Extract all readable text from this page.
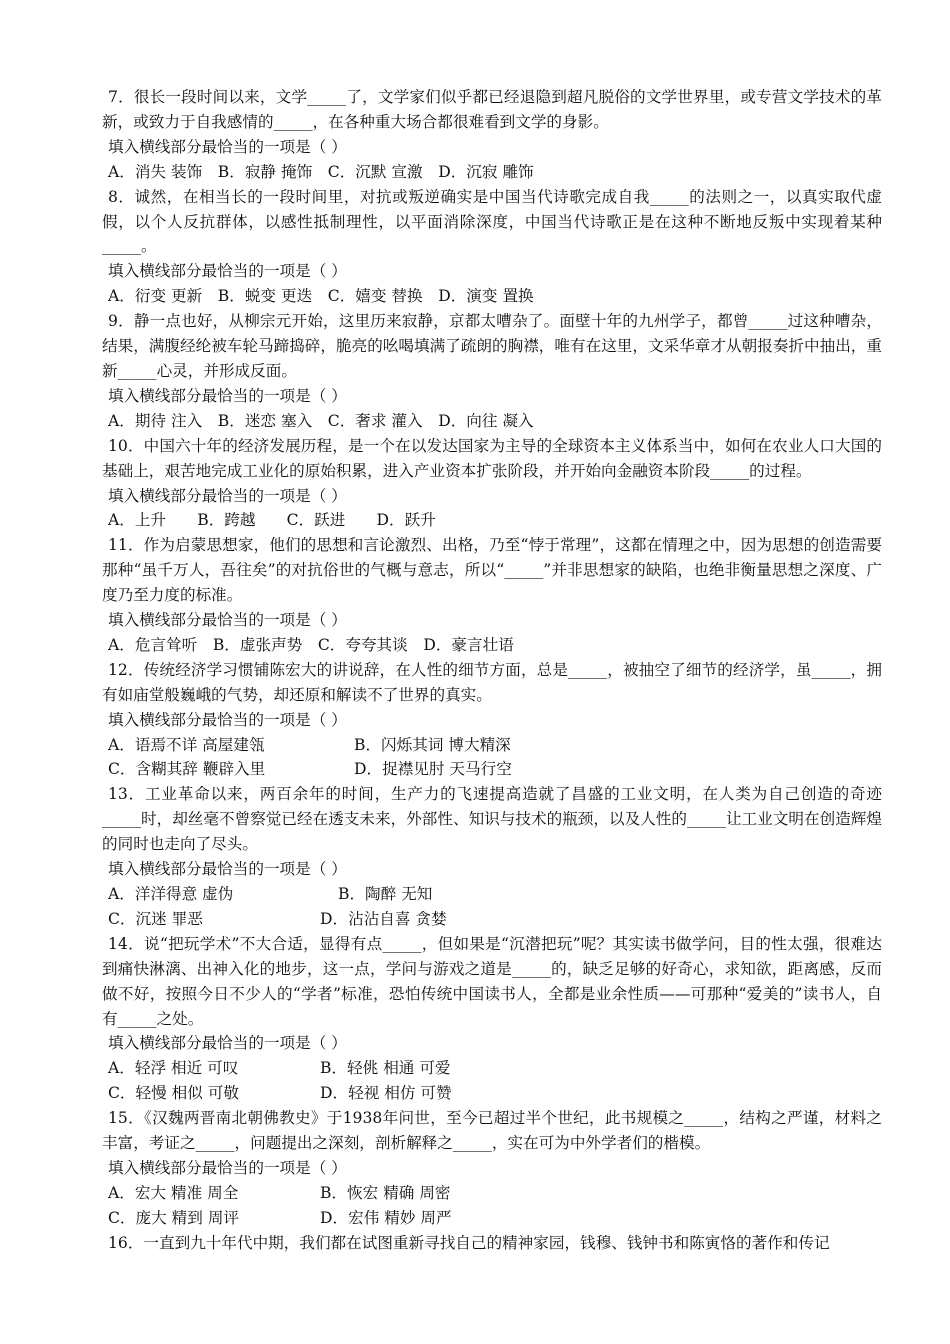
7．很长一段时间以来，文学_____了，文学家们似乎都已经退隐到超凡脱俗的文学世界里，或专营文学技术的革新，或致力于自我感情的_____，在各种重大场合都很难看到文学的身影。

填入横线部分最恰当的一项是（ ）

A．消失 装饰　B．寂静 掩饰　C．沉默 宣激　D．沉寂 雕饰

8．诚然，在相当长的一段时间里，对抗或叛逆确实是中国当代诗歌完成自我_____的法则之一，以真实取代虚假，以个人反抗群体，以感性抵制理性，以平面消除深度，中国当代诗歌正是在这种不断地反叛中实现着某种_____。

填入横线部分最恰当的一项是（ ）

A．衍变 更新　B．蜕变 更迭　C．嬉变 替换　D．演变 置换

9．静一点也好，从柳宗元开始，这里历来寂静，京都太嘈杂了。面壁十年的九州学子，都曾_____过这种嘈杂，结果，满腹经纶被车轮马蹄捣碎，脆亮的吆喝填满了疏朗的胸襟，唯有在这里，文采华章才从朝报奏折中抽出，重新_____心灵，并形成反面。

填入横线部分最恰当的一项是（ ）

A．期待 注入　B．迷恋 塞入　C．奢求 灌入　D．向往 凝入

10．中国六十年的经济发展历程，是一个在以发达国家为主导的全球资本主义体系当中，如何在农业人口大国的基础上，艰苦地完成工业化的原始积累，进入产业资本扩张阶段，并开始向金融资本阶段_____的过程。

填入横线部分最恰当的一项是（ ）

A．上升　　B．跨越　　C．跃进　　D．跃升

11．作为启蒙思想家，他们的思想和言论激烈、出格，乃至“悖于常理”，这都在情理之中，因为思想的创造需要那种“虽千万人，吾往矣”的对抗俗世的气概与意志，所以“_____”并非思想家的缺陷，也绝非衡量思想之深度、广度乃至力度的标准。

填入横线部分最恰当的一项是（ ）

A．危言耸听　B．虚张声势　C．夸夸其谈　D．豪言壮语

12．传统经济学习惯铺陈宏大的讲说辞，在人性的细节方面，总是_____，被抽空了细节的经济学，虽_____，拥有如庙堂般巍峨的气势，却还原和解读不了世界的真实。

填入横线部分最恰当的一项是（ ）

A．语焉不详 高屋建瓴	B．闪烁其词 博大精深
C．含糊其辞 鞭辟入里	D．捉襟见肘 天马行空

13．工业革命以来，两百余年的时间，生产力的飞速提高造就了昌盛的工业文明，在人类为自己创造的奇迹_____时，却丝毫不曾察觉已经在透支未来，外部性、知识与技术的瓶颈，以及人性的_____让工业文明在创造辉煌的同时也走向了尽头。

填入横线部分最恰当的一项是（ ）

A．洋洋得意 虚伪	B．陶醉 无知
C．沉迷 罪恶	D．沾沾自喜 贪婪

14．说“把玩学术”不大合适，显得有点_____，但如果是“沉潜把玩”呢？其实读书做学问，目的性太强，很难达到痛快淋漓、出神入化的地步，这一点，学问与游戏之道是_____的，缺乏足够的好奇心，求知欲，距离感，反而做不好，按照今日不少人的“学者”标准，恐怕传统中国读书人，全都是业余性质——可那种“爱美的”读书人，自有_____之处。

填入横线部分最恰当的一项是（ ）

A．轻浮 相近 可叹	B．轻佻 相通 可爱
C．轻慢 相似 可敬	D．轻视 相仿 可赞

15．《汉魏两晋南北朝佛教史》于1938年问世，至今已超过半个世纪，此书规模之_____，结构之严谨，材料之丰富，考证之_____，问题提出之深刻，剖析解释之_____，实在可为中外学者们的楷模。

填入横线部分最恰当的一项是（ ）

A．宏大 精准 周全	B．恢宏 精确 周密
C．庞大 精到 周评	D．宏伟 精妙 周严

16．一直到九十年代中期，我们都在试图重新寻找自己的精神家园，钱穆、钱钟书和陈寅恪的著作和传记
